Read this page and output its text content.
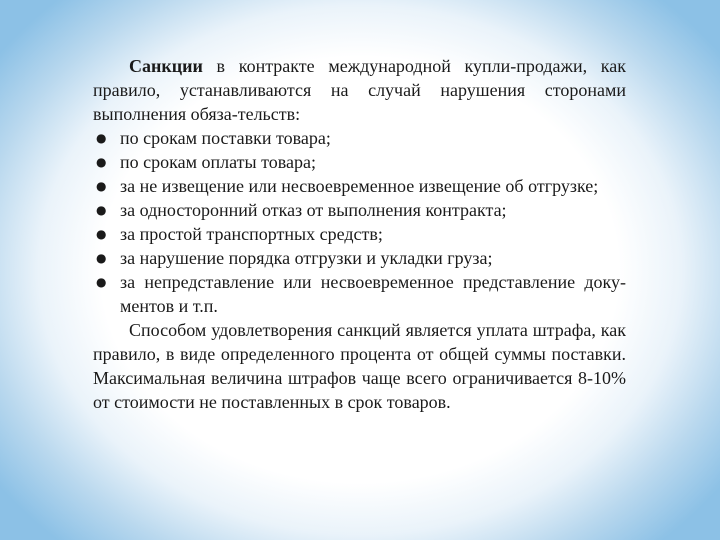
Санкции в контракте международной купли-продажи, как правило, устанавливаются на случай нарушения сторонами выполнения обяза-тельств:

● по срокам поставки товара;
● по срокам оплаты товара;
● за не извещение или несвоевременное извещение об отгрузке;
● за односторонний отказ от выполнения контракта;
● за простой транспортных средств;
● за нарушение порядка отгрузки и укладки груза;
● за непредставление или несвоевременное представление доку-ментов и т.п.

Способом удовлетворения санкций является уплата штрафа, как правило, в виде определенного процента от общей суммы поставки. Максимальная величина штрафов чаще всего ограничивается 8-10% от стоимости не поставленных в срок товаров.
